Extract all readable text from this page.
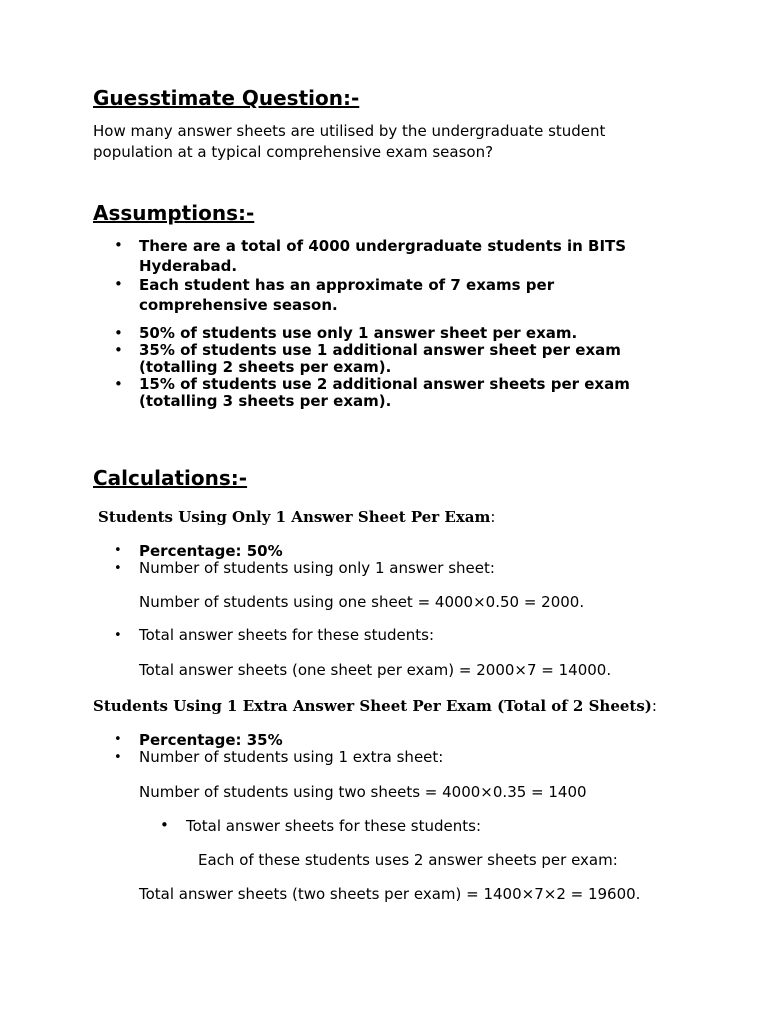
Guesstimate Question:-

How many answer sheets are utilised by the undergraduate student

population at a typical comprehensive exam season?

Assumptions:-
• There are a total of 4000 undergraduate students in BITS

Hyderabad.

• Each student has an approximate of 7 exams per

comprehensive season.

• 50% of students use only 1 answer sheet per exam.

• 35% of students use 1 additional answer sheet per exam

(totalling 2 sheets per exam).

• 15% of students use 2 additional answer sheets per exam

(totalling 3 sheets per exam).

Calculations:-

Students Using Only 1 Answer Sheet Per Exam:

• Percentage: 50%

• Number of students using only 1 answer sheet:

Number of students using one sheet = 4000×0.50 = 2000.

• Total answer sheets for these students:

Total answer sheets (one sheet per exam) = 2000×7 = 14000.

Students Using 1 Extra Answer Sheet Per Exam (Total of 2 Sheets):

• Percentage: 35%

• Number of students using 1 extra sheet:

Number of students using two sheets = 4000×0.35 = 1400

• Total answer sheets for these students:

Each of these students uses 2 answer sheets per exam:

Total answer sheets (two sheets per exam) = 1400×7×2 = 19600.
